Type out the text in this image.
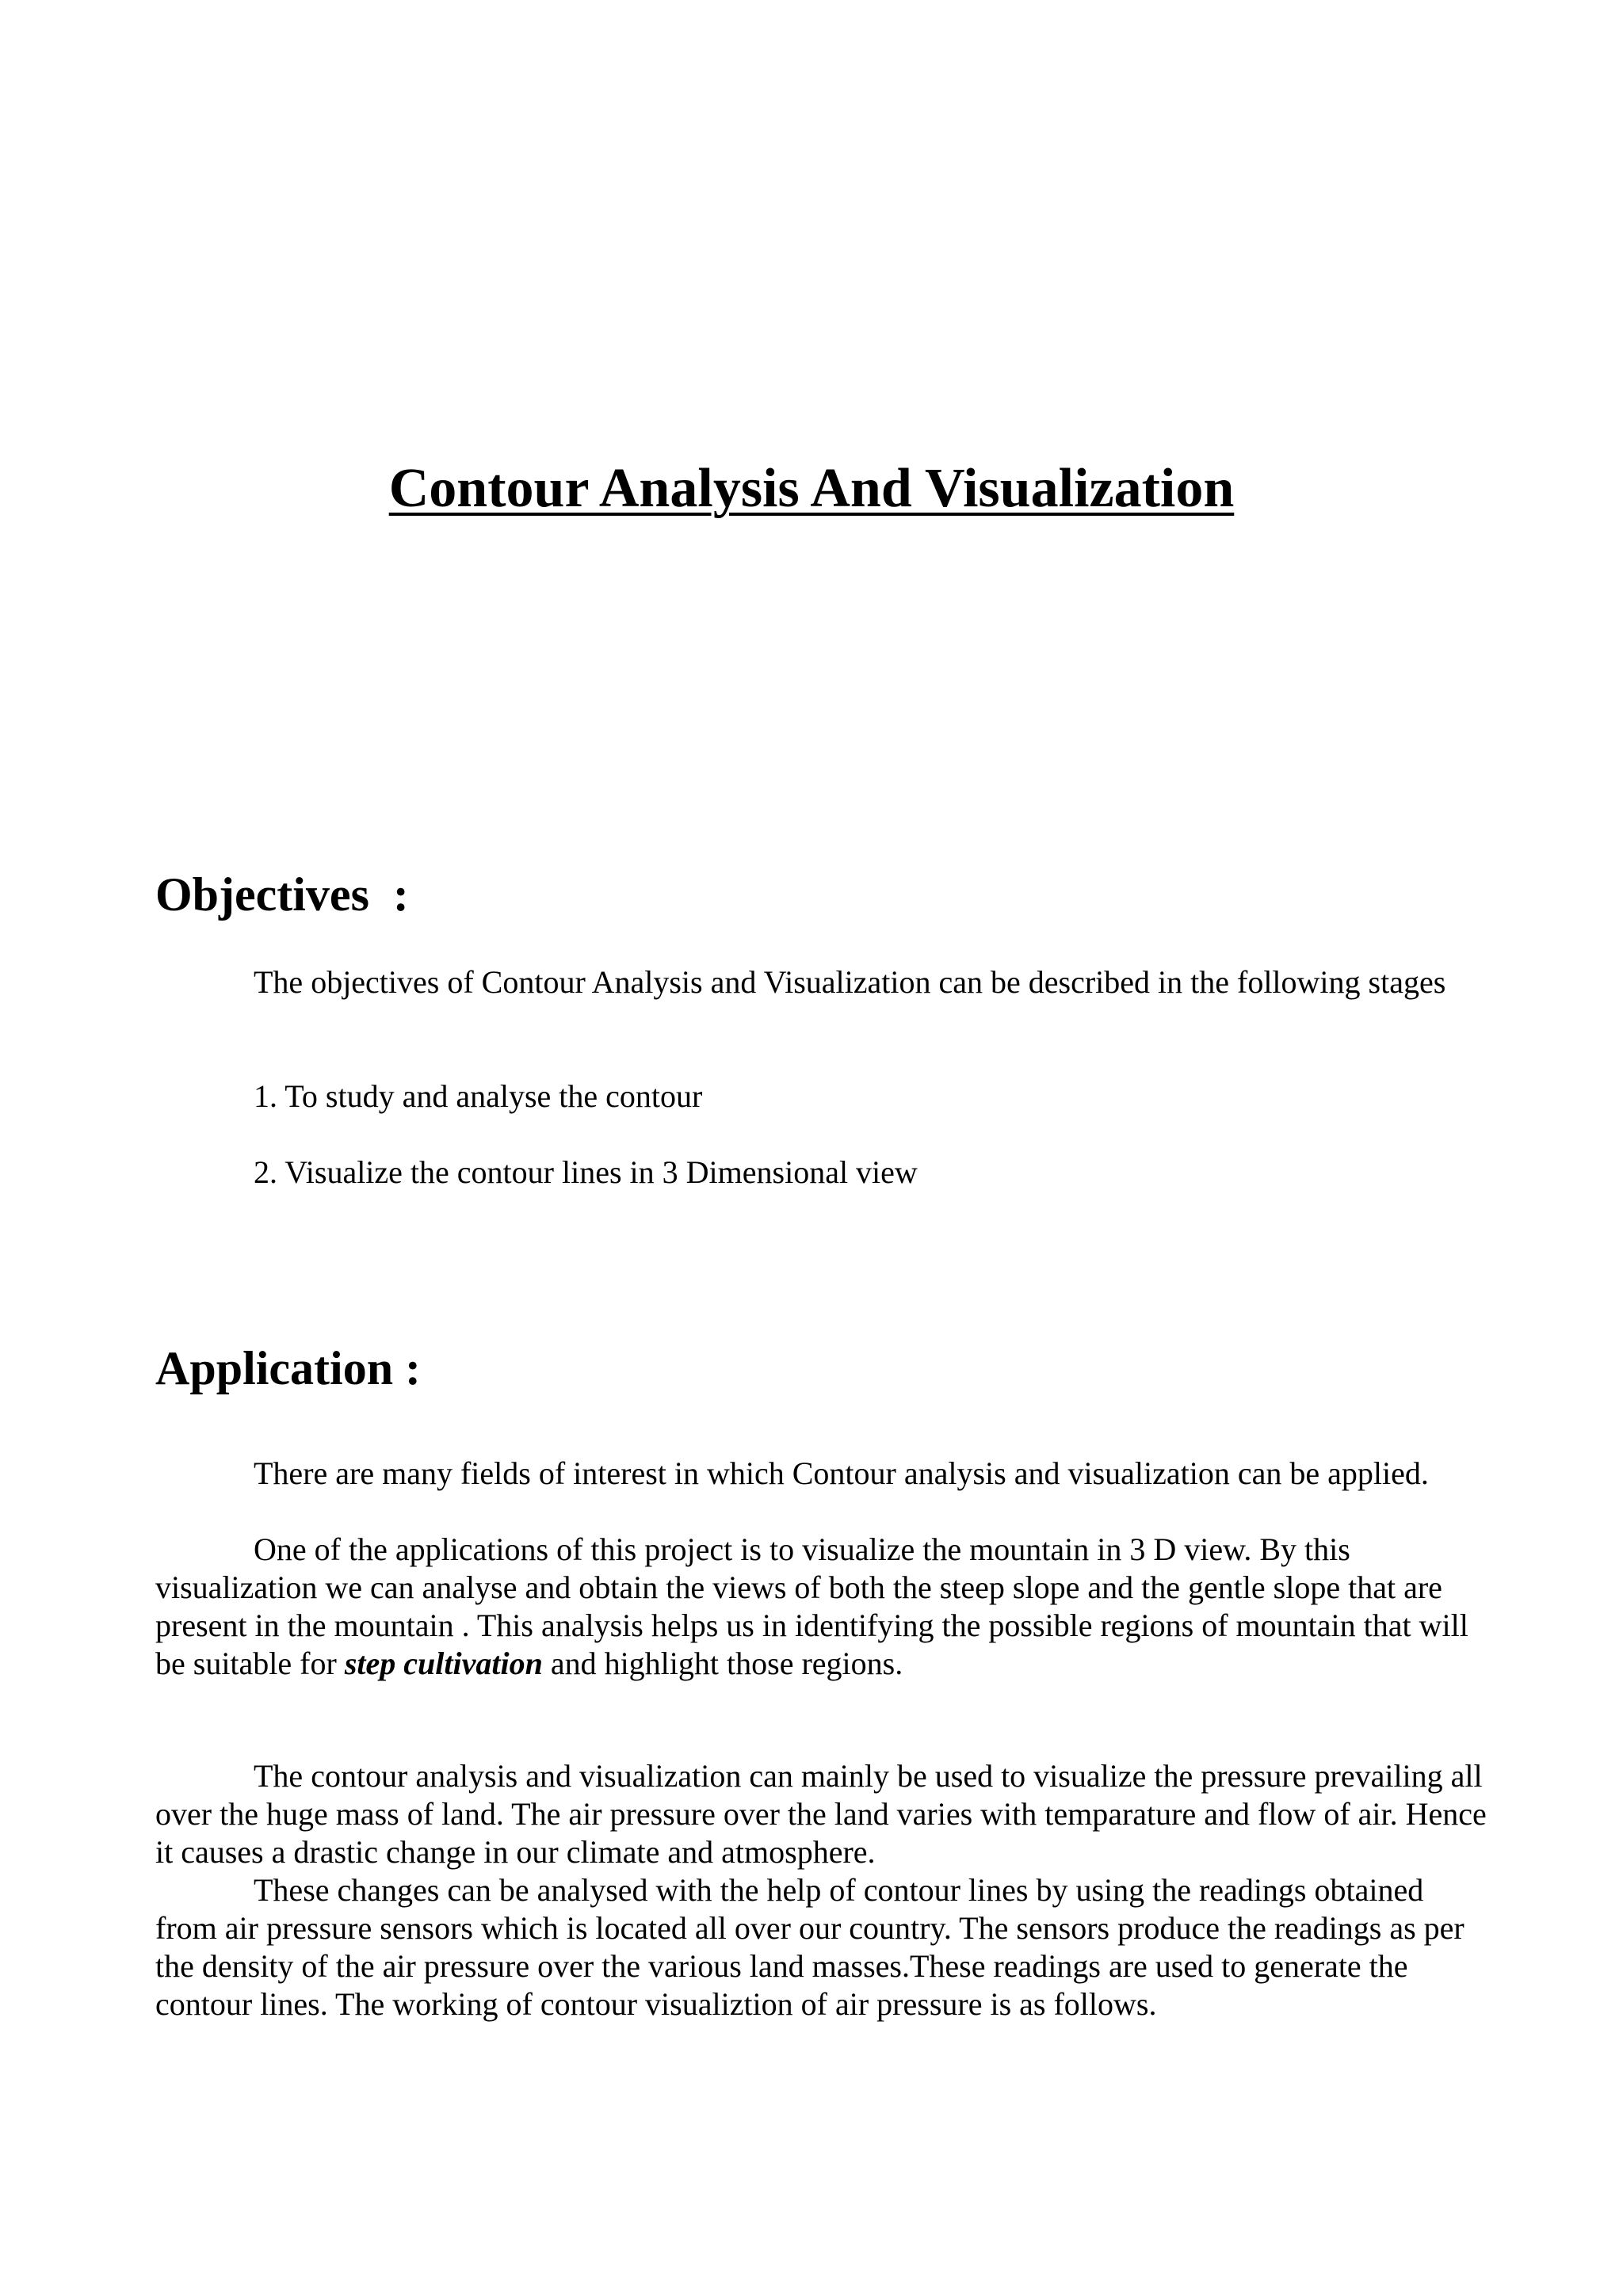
Contour Analysis And Visualization
Objectives  :

The objectives of Contour Analysis and Visualization can be described in the following stages

1. To study and analyse the contour

2. Visualize the contour lines in 3 Dimensional view

Application :

There are many fields of interest in which Contour analysis and visualization can be applied.

One of the applications of this project is to visualize the mountain in 3 D view. By this visualization we can analyse and obtain the views of both the steep slope and the gentle slope that are present in the mountain . This analysis helps us in identifying the possible regions of mountain that will be suitable for step cultivation and highlight those regions.

The contour analysis and visualization can mainly be used to visualize the pressure prevailing all over the huge mass of land. The air pressure over the land varies with temparature and flow of air. Hence it causes a drastic change in our climate and atmosphere.

These changes can be analysed with the help of contour lines by using the readings obtained from air pressure sensors which is located all over our country. The sensors produce the readings as per the density of the air pressure over the various land masses.These readings are used to generate the contour lines. The working of contour visualiztion of air pressure is as follows.
